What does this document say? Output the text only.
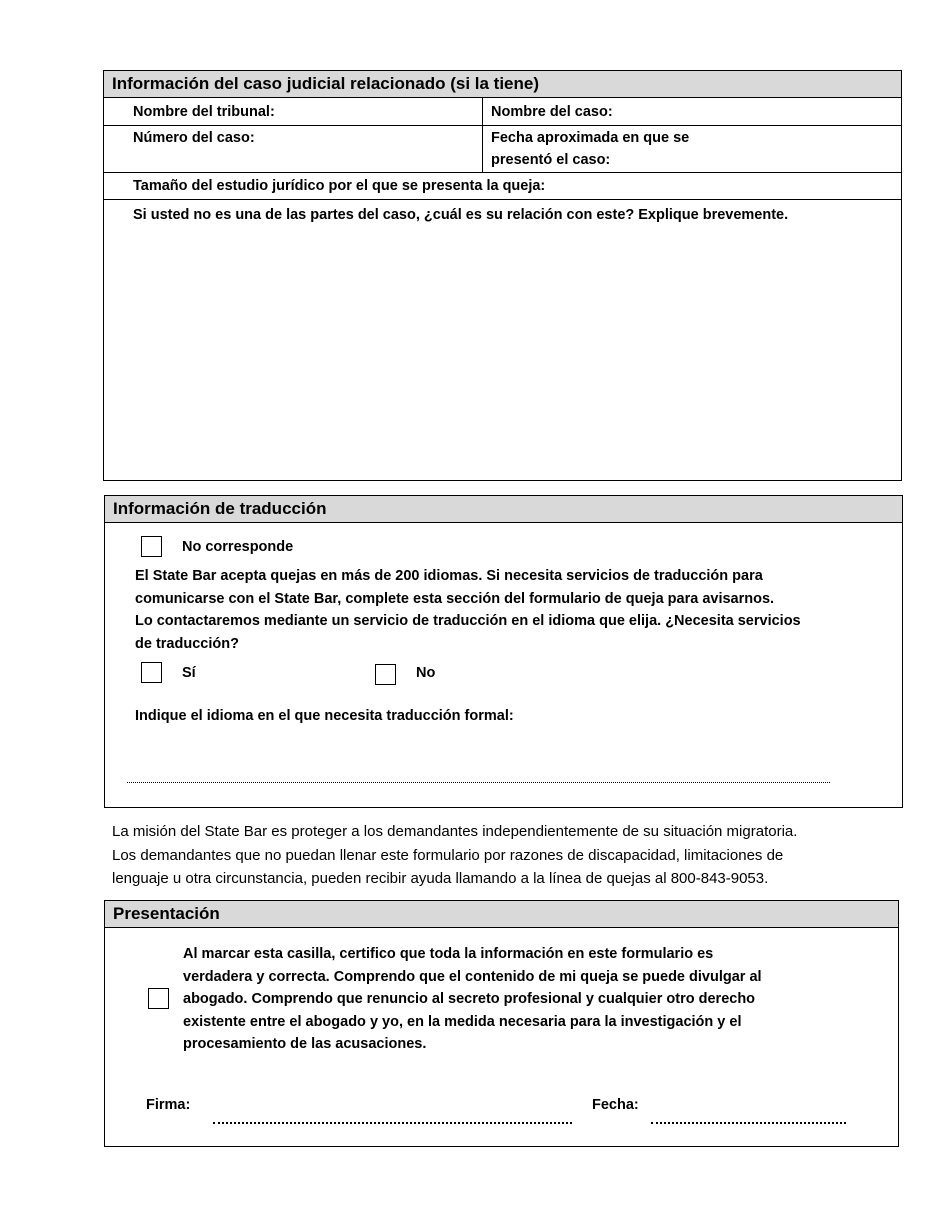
Información del caso judicial relacionado (si la tiene)
Nombre del tribunal:	Nombre del caso:
Número del caso:	Fecha aproximada en que se
presentó el caso:
Tamaño del estudio jurídico por el que se presenta la queja:
Si usted no es una de las partes del caso, ¿cuál es su relación con este? Explique brevemente.
Información de traducción
No corresponde
El State Bar acepta quejas en más de 200 idiomas. Si necesita servicios de traducción para
comunicarse con el State Bar, complete esta sección del formulario de queja para avisarnos.
Lo contactaremos mediante un servicio de traducción en el idioma que elija. ¿Necesita servicios
de traducción?
Sí	No
Indique el idioma en el que necesita traducción formal:
La misión del State Bar es proteger a los demandantes independientemente de su situación migratoria.
Los demandantes que no puedan llenar este formulario por razones de discapacidad, limitaciones de
lenguaje u otra circunstancia, pueden recibir ayuda llamando a la línea de quejas al 800-843-9053.
Presentación
Al marcar esta casilla, certifico que toda la información en este formulario es
verdadera y correcta. Comprendo que el contenido de mi queja se puede divulgar al
abogado. Comprendo que renuncio al secreto profesional y cualquier otro derecho
existente entre el abogado y yo, en la medida necesaria para la investigación y el
procesamiento de las acusaciones.
Firma:	Fecha:
